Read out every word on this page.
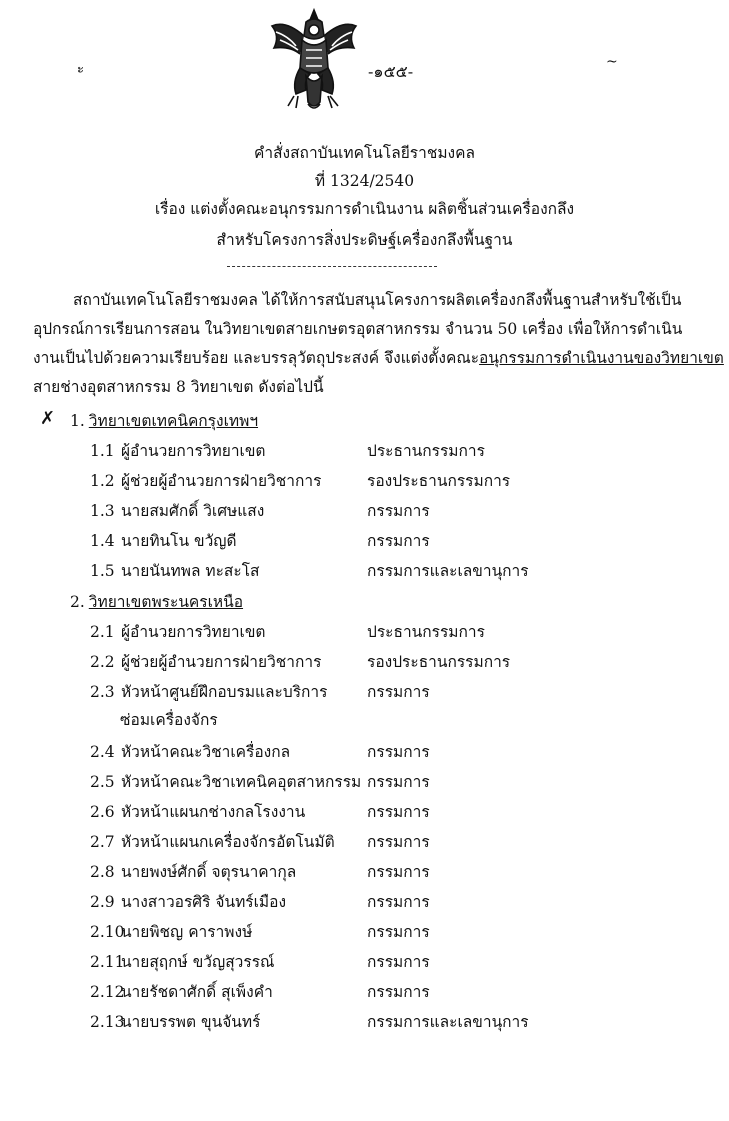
-๑๕๕-
ะ	~
คำสั่งสถาบันเทคโนโลยีราชมงคล
ที่ 1324/2540
เรื่อง แต่งตั้งคณะอนุกรรมการดำเนินงาน ผลิตชิ้นส่วนเครื่องกลึง
สำหรับโครงการสิ่งประดิษฐ์เครื่องกลึงพื้นฐาน

สถาบันเทคโนโลยีราชมงคล ได้ให้การสนับสนุนโครงการผลิตเครื่องกลึงพื้นฐานสำหรับใช้เป็น

อุปกรณ์การเรียนการสอน ในวิทยาเขตสายเกษตรอุตสาหกรรม จำนวน 50 เครื่อง เพื่อให้การดำเนิน

งานเป็นไปด้วยความเรียบร้อย และบรรลุวัตถุประสงค์ จึงแต่งตั้งคณะอนุกรรมการดำเนินงานของวิทยาเขต

สายช่างอุตสาหกรรม 8 วิทยาเขต ดังต่อไปนี้

✗ 1. วิทยาเขตเทคนิคกรุงเทพฯ
1.1 ผู้อำนวยการวิทยาเขต	ประธานกรรมการ
1.2 ผู้ช่วยผู้อำนวยการฝ่ายวิชาการ	รองประธานกรรมการ
1.3 นายสมศักดิ์ วิเศษแสง	กรรมการ
1.4 นายทินโน ขวัญดี	กรรมการ
1.5 นายนันทพล ทะสะโส	กรรมการและเลขานุการ
2. วิทยาเขตพระนครเหนือ
2.1 ผู้อำนวยการวิทยาเขต	ประธานกรรมการ
2.2 ผู้ช่วยผู้อำนวยการฝ่ายวิชาการ	รองประธานกรรมการ
2.3 หัวหน้าศูนย์ฝึกอบรมและบริการ	กรรมการ
ซ่อมเครื่องจักร
2.4 หัวหน้าคณะวิชาเครื่องกล	กรรมการ
2.5 หัวหน้าคณะวิชาเทคนิคอุตสาหกรรม กรรมการ
2.6 หัวหน้าแผนกช่างกลโรงงาน	กรรมการ
2.7 หัวหน้าแผนกเครื่องจักรอัตโนมัติ กรรมการ
2.8 นายพงษ์ศักดิ์ จตุรนาคากุล	กรรมการ
2.9 นางสาวอรศิริ จันทร์เมือง	กรรมการ
2.10 นายพิชญ คาราพงษ์	กรรมการ
2.11 นายสุฤกษ์ ขวัญสุวรรณ์	กรรมการ
2.12 นายรัชดาศักดิ์ สุเพ็งคำ	กรรมการ
2.13 นายบรรพต ขุนจันทร์	กรรมการและเลขานุการ
